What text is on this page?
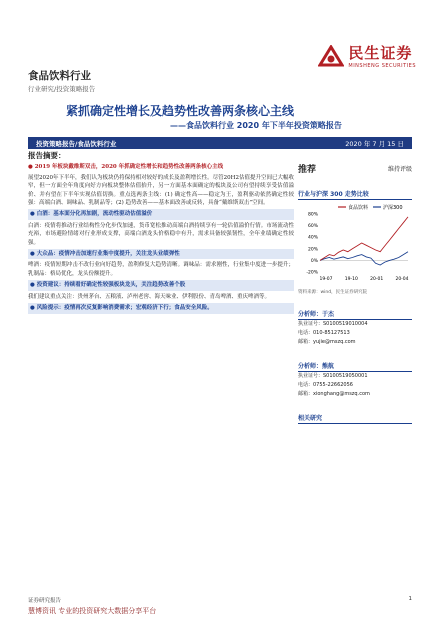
民生证券
MINSHENG SECURITIES
食品饮料行业
行业研究/投资策略报告
紧抓确定性增长及趋势性改善两条核心主线
——食品饮料行业 2020 年下半年投资策略报告
投资策略报告/食品饮料行业	2020 年 7 月 15 日
报告摘要：

● 2019 年板块戴维斯双击，2020 年抓确定性增长和趋势性改善两条核心主线

展望2020年下半年，我们认为板块仍将保持相对较好的成长及盈利增长性。尽管20H2估值提升空间已大幅收窄，但一方面全年角度向好方向板块整体估值抬升，另一方面基本面确定的板块及公司有望持续享受估值溢价、并有望在下半年实现估值切换。重点选两条主线：(1) 确定性高——稳定为王，盈利驱动依然确定性较强：高端白酒、调味品、乳制品等；(2) 趋势改善——基本面改善或反转，具备“戴维斯双击”空间。

● 白酒：基本面分化再加剧，流动性驱动估值溢价

白酒：疫情将推动行业结构性分化步伐加速，货币宽松推动高端白酒持续享有一轮估值溢价行情。市场流动性充裕，市场避险情绪对行业形成支撑，高端白酒龙头价格稳中有升，需求具备较强韧性，全年业绩确定性较强。

● 大众品：疫情冲击加速行业集中度提升，关注龙头业绩弹性

啤酒：疫情短期冲击不改行业向好趋势，盈利修复大趋势清晰。调味品：需求刚性，行业集中度进一步提升；乳制品：格局优化，龙头份额提升。

● 投资建议：持续看好确定性较强板块龙头，关注趋势改善个股

我们建议重点关注：贵州茅台、五粮液、泸州老窖、海天味业、伊利股份、青岛啤酒、重庆啤酒等。

● 风险提示：疫情再次反复影响消费需求；宏观经济下行；食品安全风险。
推荐	维持评级
行业与沪深 300 走势比较
食品饮料	沪深300
80%
60%
40%
20%
0%
-20%
19-07	19-10	20-01	20-04
资料来源：wind，民生证券研究院
分析师：于杰
执业证号：S0100519010004
电话：010-85127513
邮箱：yujie@mszq.com
分析师：熊航
执业证号：S0100519050001
电话：0755-22662056
邮箱：xionghang@mszq.com
相关研究
证券研究报告	1
慧博资讯 专业的投资研究大数据分享平台
